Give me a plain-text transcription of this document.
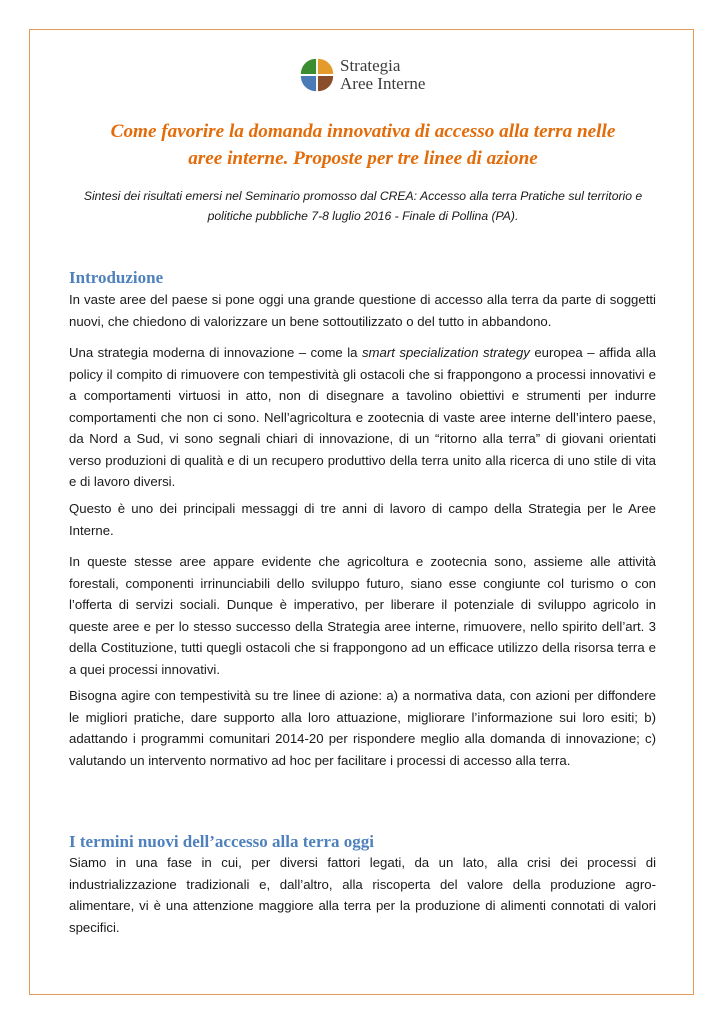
Strategia
Aree Interne
Come favorire la domanda innovativa di accesso alla terra nelle
aree interne. Proposte per tre linee di azione
Sintesi dei risultati emersi nel Seminario promosso dal CREA: Accesso alla terra Pratiche sul territorio e
politiche pubbliche 7-8 luglio 2016 - Finale di Pollina (PA).
Introduzione
In vaste aree del paese si pone oggi una grande questione di accesso alla terra da parte di soggetti nuovi, che chiedono di valorizzare un bene sottoutilizzato o del tutto in abbandono.
Una strategia moderna di innovazione – come la smart specialization strategy europea – affida alla policy il compito di rimuovere con tempestività gli ostacoli che si frappongono a processi innovativi e a comportamenti virtuosi in atto, non di disegnare a tavolino obiettivi e strumenti per indurre comportamenti che non ci sono. Nell’agricoltura e zootecnia di vaste aree interne dell’intero paese, da Nord a Sud, vi sono segnali chiari di innovazione, di un “ritorno alla terra” di giovani orientati verso produzioni di qualità e di un recupero produttivo della terra unito alla ricerca di uno stile di vita e di lavoro diversi.
Questo è uno dei principali messaggi di tre anni di lavoro di campo della Strategia per le Aree Interne.
In queste stesse aree appare evidente che agricoltura e zootecnia sono, assieme alle attività forestali, componenti irrinunciabili dello sviluppo futuro, siano esse congiunte col turismo o con l’offerta di servizi sociali. Dunque è imperativo, per liberare il potenziale di sviluppo agricolo in queste aree e per lo stesso successo della Strategia aree interne, rimuovere, nello spirito dell’art. 3 della Costituzione, tutti quegli ostacoli che si frappongono ad un efficace utilizzo della risorsa terra e a quei processi innovativi.
Bisogna agire con tempestività su tre linee di azione: a) a normativa data, con azioni per diffondere le migliori pratiche, dare supporto alla loro attuazione, migliorare l’informazione sui loro esiti; b) adattando i programmi comunitari 2014-20 per rispondere meglio alla domanda di innovazione; c) valutando un intervento normativo ad hoc per facilitare i processi di accesso alla terra.
I termini nuovi dell’accesso alla terra oggi
Siamo in una fase in cui, per diversi fattori legati, da un lato, alla crisi dei processi di industrializzazione tradizionali e, dall’altro, alla riscoperta del valore della produzione agro-alimentare, vi è una attenzione maggiore alla terra per la produzione di alimenti connotati di valori specifici.
